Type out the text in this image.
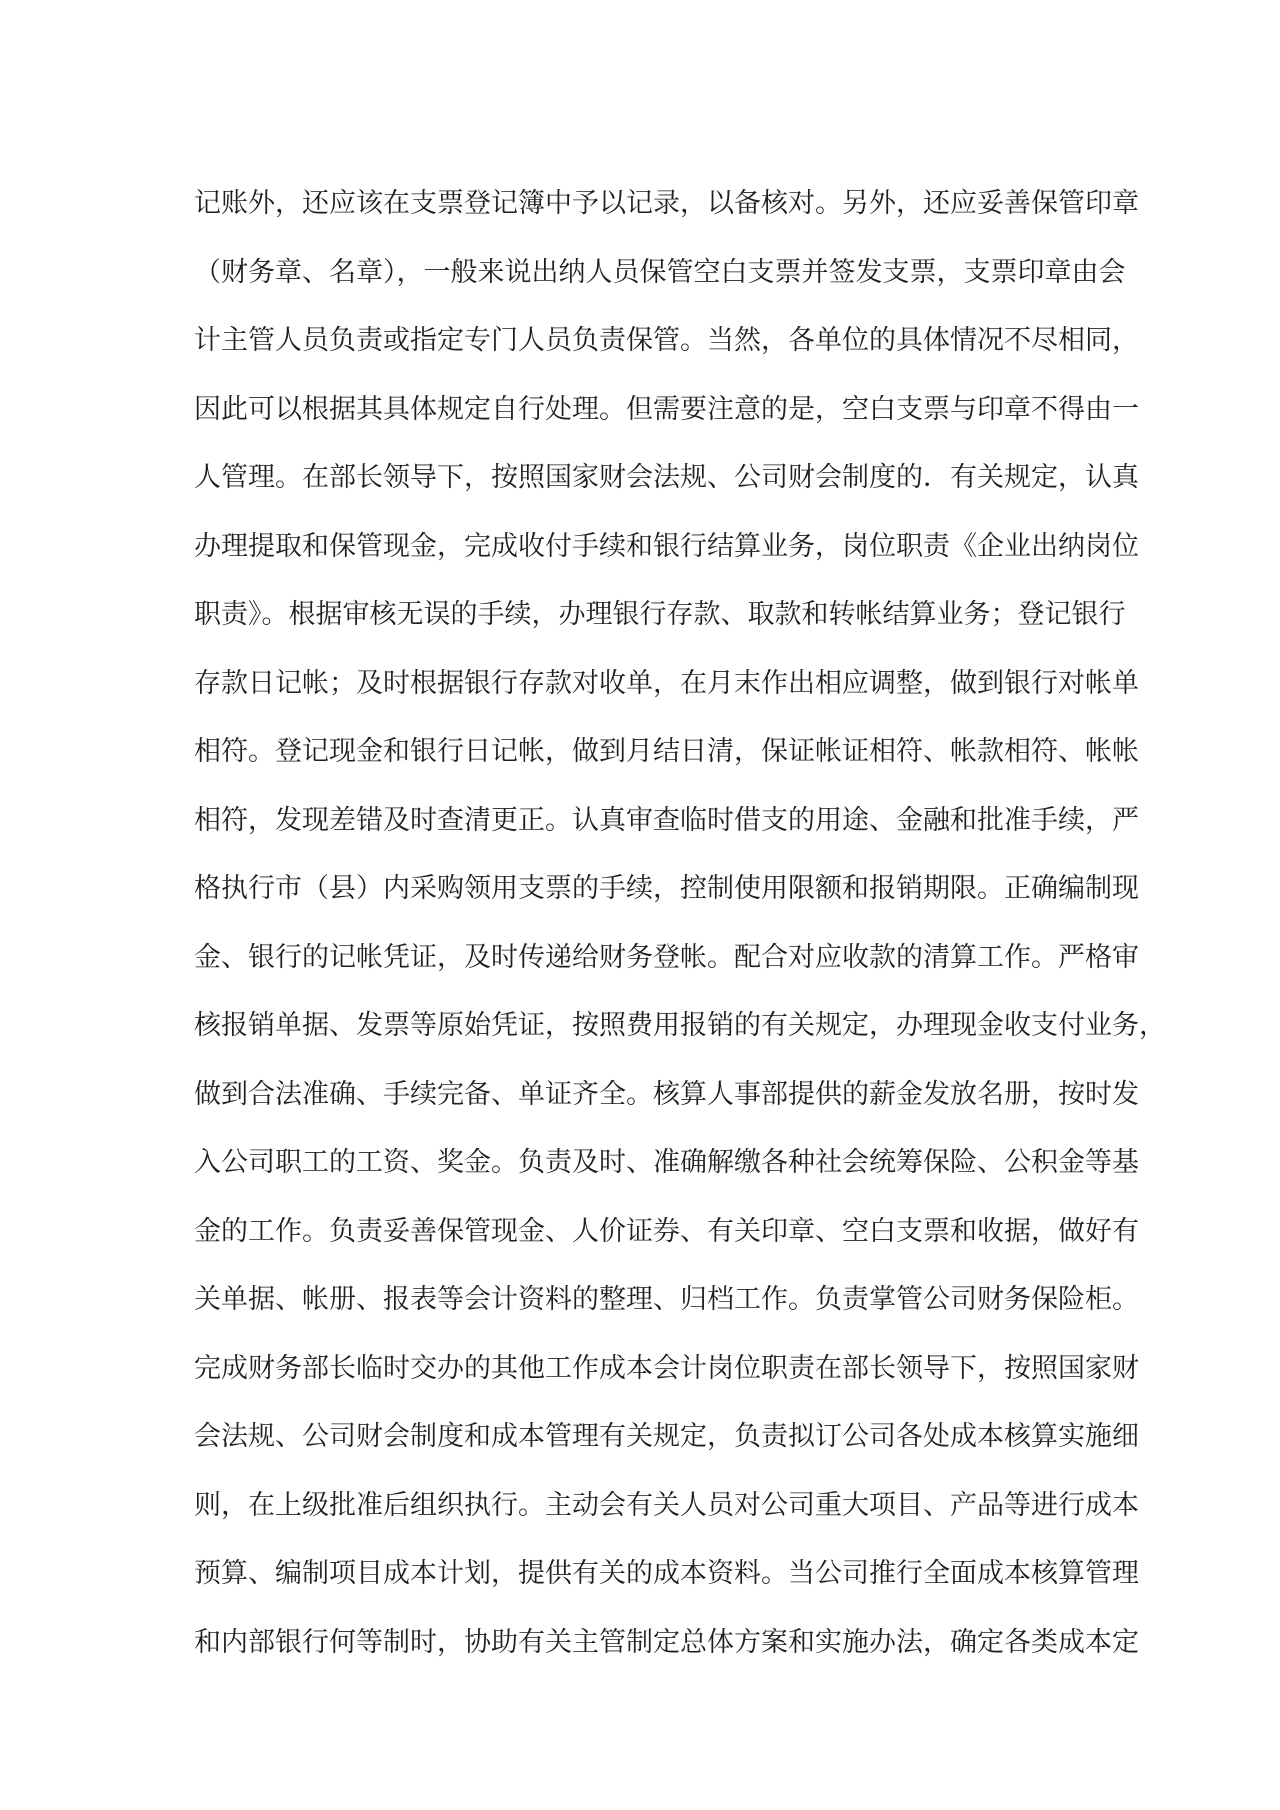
记账外，还应该在支票登记簿中予以记录，以备核对。另外，还应妥善保管印章
（财务章、名章），一般来说出纳人员保管空白支票并签发支票，支票印章由会
计主管人员负责或指定专门人员负责保管。当然，各单位的具体情况不尽相同，
因此可以根据其具体规定自行处理。但需要注意的是，空白支票与印章不得由一
人管理。在部长领导下，按照国家财会法规、公司财会制度的．有关规定，认真
办理提取和保管现金，完成收付手续和银行结算业务，岗位职责《企业出纳岗位
职责》。根据审核无误的手续，办理银行存款、取款和转帐结算业务；登记银行
存款日记帐；及时根据银行存款对收单，在月末作出相应调整，做到银行对帐单
相符。登记现金和银行日记帐，做到月结日清，保证帐证相符、帐款相符、帐帐
相符，发现差错及时查清更正。认真审查临时借支的用途、金融和批准手续，严
格执行市（县）内采购领用支票的手续，控制使用限额和报销期限。正确编制现
金、银行的记帐凭证，及时传递给财务登帐。配合对应收款的清算工作。严格审
核报销单据、发票等原始凭证，按照费用报销的有关规定，办理现金收支付业务，
做到合法准确、手续完备、单证齐全。核算人事部提供的薪金发放名册，按时发
入公司职工的工资、奖金。负责及时、准确解缴各种社会统筹保险、公积金等基
金的工作。负责妥善保管现金、人价证券、有关印章、空白支票和收据，做好有
关单据、帐册、报表等会计资料的整理、归档工作。负责掌管公司财务保险柜。
完成财务部长临时交办的其他工作成本会计岗位职责在部长领导下，按照国家财
会法规、公司财会制度和成本管理有关规定，负责拟订公司各处成本核算实施细
则，在上级批准后组织执行。主动会有关人员对公司重大项目、产品等进行成本
预算、编制项目成本计划，提供有关的成本资料。当公司推行全面成本核算管理
和内部银行何等制时，协助有关主管制定总体方案和实施办法，确定各类成本定
